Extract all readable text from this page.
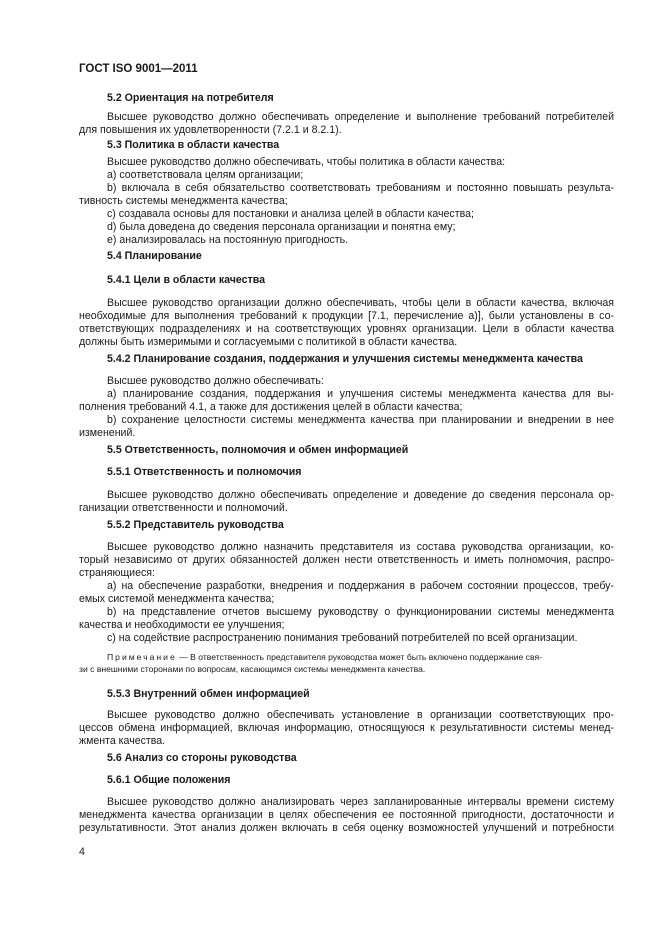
ГОСТ ISO 9001—2011
5.2 Ориентация на потребителя
Высшее руководство должно обеспечивать определение и выполнение требований потребителей
для повышения их удовлетворенности (7.2.1 и 8.2.1).
5.3 Политика в области качества
Высшее руководство должно обеспечивать, чтобы политика в области качества:
a) соответствовала целям организации;
b) включала в себя обязательство соответствовать требованиям и постоянно повышать результа-
тивность системы менеджмента качества;
c) создавала основы для постановки и анализа целей в области качества;
d) была доведена до сведения персонала организации и понятна ему;
e) анализировалась на постоянную пригодность.
5.4 Планирование
5.4.1 Цели в области качества
Высшее руководство организации должно обеспечивать, чтобы цели в области качества, включая
необходимые для выполнения требований к продукции [7.1, перечисление a)], были установлены в со-
ответствующих подразделениях и на соответствующих уровнях организации. Цели в области качества
должны быть измеримыми и согласуемыми с политикой в области качества.
5.4.2 Планирование создания, поддержания и улучшения системы менеджмента качества
Высшее руководство должно обеспечивать:
a) планирование создания, поддержания и улучшения системы менеджмента качества для вы-
полнения требований 4.1, а также для достижения целей в области качества;
b) сохранение целостности системы менеджмента качества при планировании и внедрении в нее
изменений.
5.5 Ответственность, полномочия и обмен информацией
5.5.1 Ответственность и полномочия
Высшее руководство должно обеспечивать определение и доведение до сведения персонала ор-
ганизации ответственности и полномочий.
5.5.2 Представитель руководства
Высшее руководство должно назначить представителя из состава руководства организации, ко-
торый независимо от других обязанностей должен нести ответственность и иметь полномочия, распро-
страняющиеся:
a) на обеспечение разработки, внедрения и поддержания в рабочем состоянии процессов, требу-
емых системой менеджмента качества;
b) на представление отчетов высшему руководству о функционировании системы менеджмента
качества и необходимости ее улучшения;
c) на содействие распространению понимания требований потребителей по всей организации.
Примечание — В ответственность представителя руководства может быть включено поддержание свя-
зи с внешними сторонами по вопросам, касающимся системы менеджмента качества.
5.5.3 Внутренний обмен информацией
Высшее руководство должно обеспечивать установление в организации соответствующих про-
цессов обмена информацией, включая информацию, относящуюся к результативности системы менед-
жмента качества.
5.6 Анализ со стороны руководства
5.6.1 Общие положения
Высшее руководство должно анализировать через запланированные интервалы времени систему
менеджмента качества организации в целях обеспечения ее постоянной пригодности, достаточности и
результативности. Этот анализ должен включать в себя оценку возможностей улучшений и потребности
4
